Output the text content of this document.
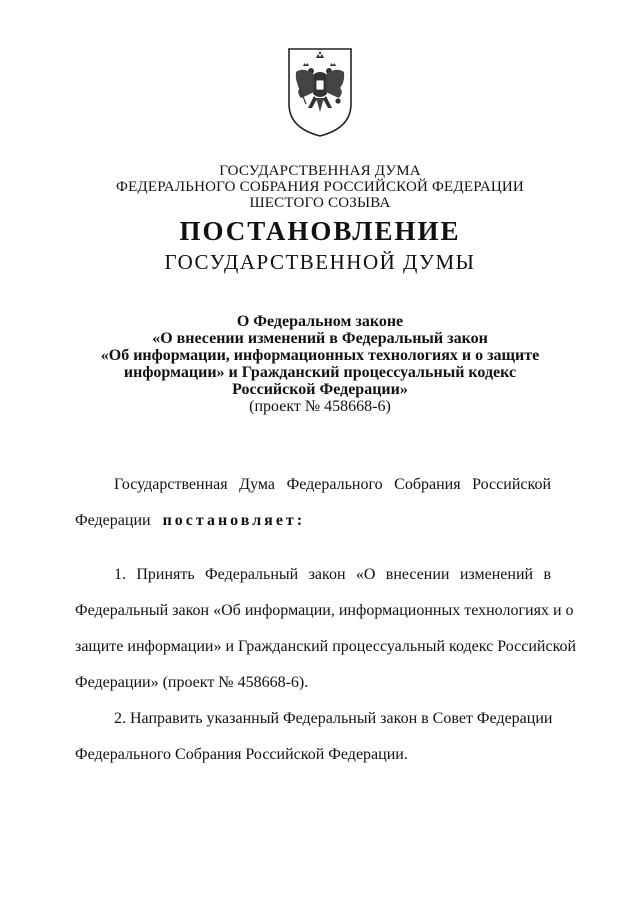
ГОСУДАРСТВЕННАЯ ДУМА
ФЕДЕРАЛЬНОГО СОБРАНИЯ РОССИЙСКОЙ ФЕДЕРАЦИИ
ШЕСТОГО СОЗЫВА
ПОСТАНОВЛЕНИЕ
ГОСУДАРСТВЕННОЙ ДУМЫ
О Федеральном законе
«О внесении изменений в Федеральный закон
«Об информации, информационных технологиях и о защите
информации» и Гражданский процессуальный кодекс
Российской Федерации»
(проект № 458668-6)
Государственная Дума Федерального Собрания Российской
Федерации постановляет:
1. Принять Федеральный закон «О внесении изменений в
Федеральный закон «Об информации, информационных технологиях и о
защите информации» и Гражданский процессуальный кодекс Российской
Федерации» (проект № 458668-6).
2. Направить указанный Федеральный закон в Совет Федерации
Федерального Собрания Российской Федерации.
